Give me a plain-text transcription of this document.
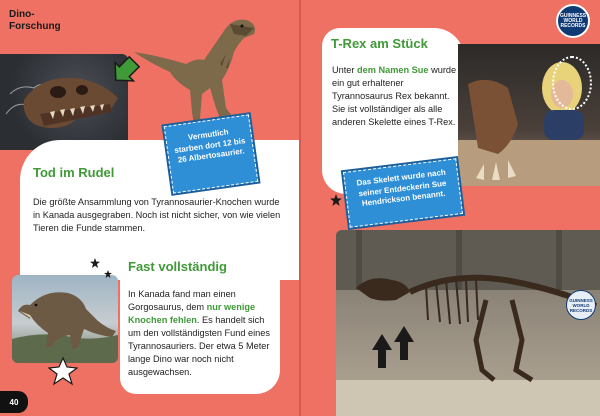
Dino-
Forschung
Vermutlich starben dort 12 bis 26 Albertosaurier.
Tod im Rudel
Die größte Ansammlung von Tyrannosaurier-Knochen wurde in Kanada ausgegraben. Noch ist nicht sicher, von wie vielen Tieren die Funde stammen.
Fast vollständig
In Kanada fand man einen Gorgosaurus, dem nur wenige Knochen fehlen. Es handelt sich um den vollständigsten Fund eines Tyrannosauriers. Der etwa 5 Meter lange Dino war noch nicht ausgewachsen.
40
GUINNESS WORLD RECORDS
T-Rex am Stück
Unter dem Namen Sue wurde ein gut erhaltener Tyrannosaurus Rex bekannt. Sie ist vollständiger als alle anderen Skelette eines T-Rex.
Das Skelett wurde nach seiner Entdeckerin Sue Hendrickson benannt.
GUINNESS WORLD RECORDS
